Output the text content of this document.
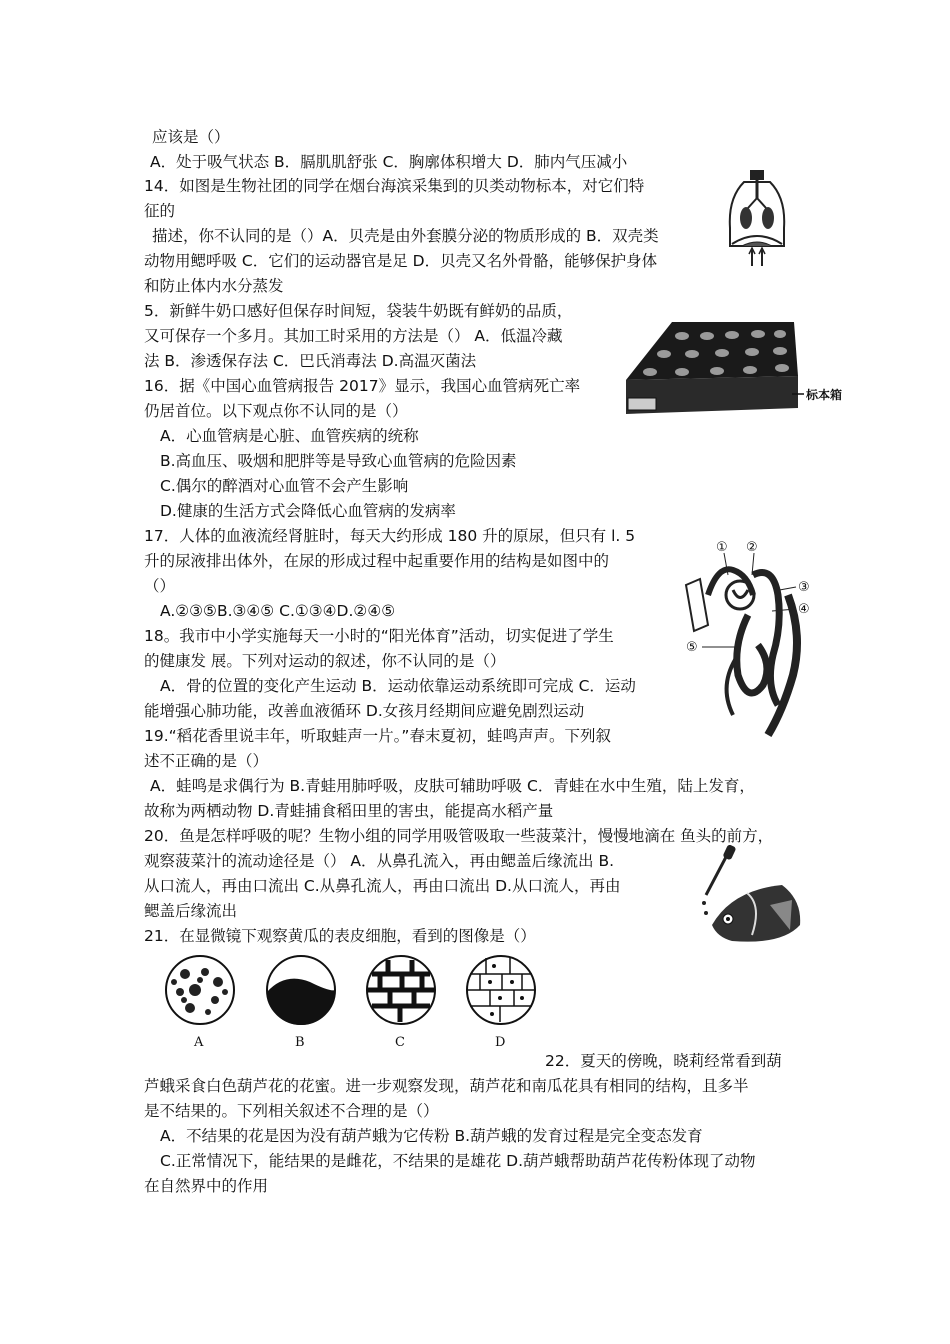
应该是（）
A．处于吸气状态 B．膈肌肌舒张 C．胸廓体积增大 D．肺内气压减小
14．如图是生物社团的同学在烟台海滨采集到的贝类动物标本，对它们特
征的
描述，你不认同的是（）A．贝壳是由外套膜分泌的物质形成的 B．双壳类
动物用鳃呼吸 C．它们的运动器官是足 D．贝壳又名外骨骼，能够保护身体
和防止体内水分蒸发
5．新鲜牛奶口感好但保存时间短，袋装牛奶既有鲜奶的品质，
又可保存一个多月。其加工时采用的方法是（） A．低温冷藏
法 B．渗透保存法 C．巴氏消毒法 D.高温灭菌法
16．据《中国心血管病报告 2017》显示，我国心血管病死亡率
仍居首位。以下观点你不认同的是（）
A．心血管病是心脏、血管疾病的统称
B.高血压、吸烟和肥胖等是导致心血管病的危险因素
C.偶尔的醉酒对心血管不会产生影响
D.健康的生活方式会降低心血管病的发病率
17．人体的血液流经肾脏时，每天大约形成 180 升的原尿，但只有 l. 5
升的尿液排出体外，在尿的形成过程中起重要作用的结构是如图中的
（）
A.②③⑤B.③④⑤ C.①③④D.②④⑤
18。我市中小学实施每天一小时的“阳光体育”活动，切实促进了学生
的健康发 展。下列对运动的叙述，你不认同的是（）
A．骨的位置的变化产生运动 B．运动依靠运动系统即可完成 C．运动
能增强心肺功能，改善血液循环 D.女孩月经期间应避免剧烈运动
19.“稻花香里说丰年，听取蛙声一片。”春末夏初，蛙鸣声声。下列叙
述不正确的是（）
A．蛙鸣是求偶行为 B.青蛙用肺呼吸，皮肤可辅助呼吸 C．青蛙在水中生殖，陆上发育，
故称为两栖动物 D.青蛙捕食稻田里的害虫，能提高水稻产量
20．鱼是怎样呼吸的呢？生物小组的同学用吸管吸取一些菠菜汁，慢慢地滴在 鱼头的前方，
观察菠菜汁的流动途径是（） A．从鼻孔流入，再由鳃盖后缘流出 B.
从口流人，再由口流出 C.从鼻孔流人，再由口流出 D.从口流人，再由
鳃盖后缘流出
21．在显微镜下观察黄瓜的表皮细胞，看到的图像是（）
22．夏天的傍晚，晓莉经常看到葫
芦蛾采食白色葫芦花的花蜜。进一步观察发现，葫芦花和南瓜花具有相同的结构，且多半
是不结果的。下列相关叙述不合理的是（）
A．不结果的花是因为没有葫芦蛾为它传粉 B.葫芦蛾的发育过程是完全变态发育
C.正常情况下，能结果的是雌花，不结果的是雄花 D.葫芦蛾帮助葫芦花传粉体现了动物
在自然界中的作用
标本箱
① ②
③
④
⑤
A	B	C	D
